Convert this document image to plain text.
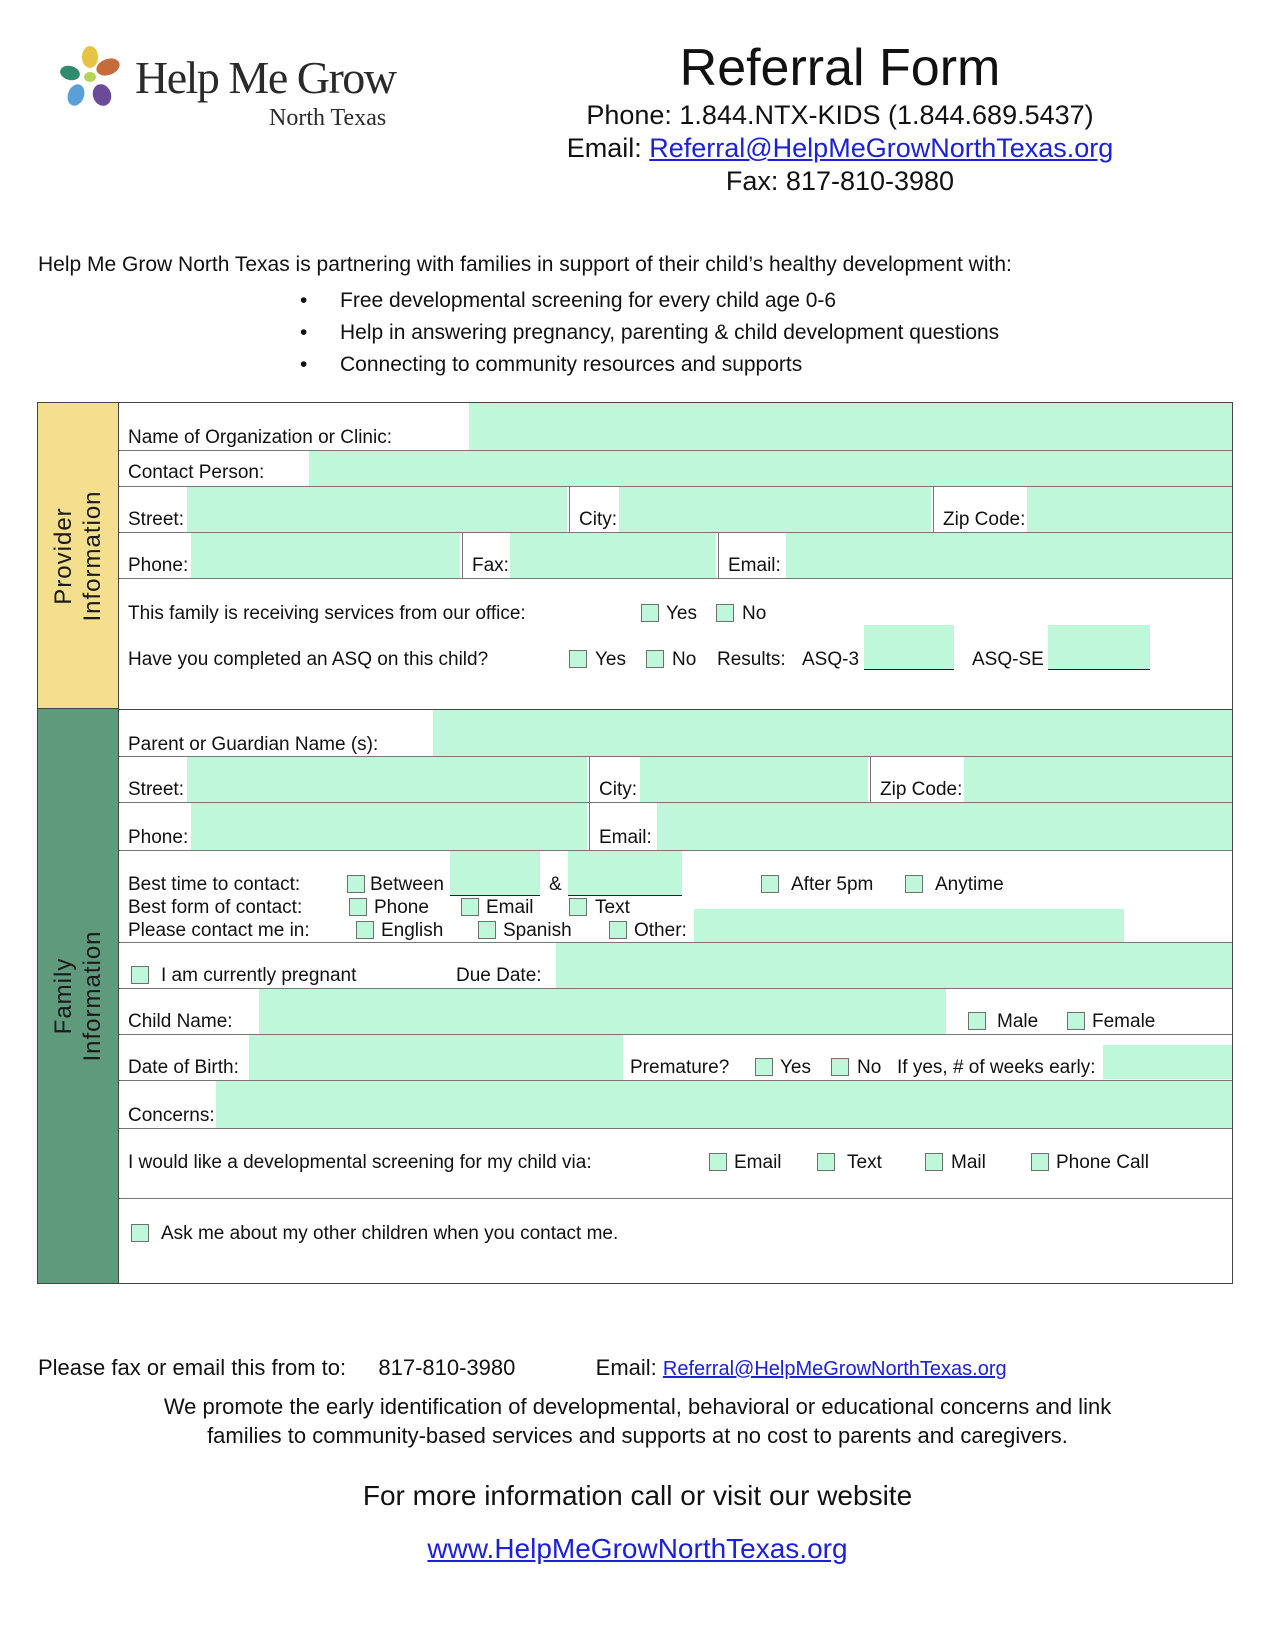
Help Me Grow
North Texas
Referral Form
Phone: 1.844.NTX-KIDS (1.844.689.5437)
Email: Referral@HelpMeGrowNorthTexas.org
Fax: 817-810-3980
Help Me Grow North Texas is partnering with families in support of their child’s healthy development with:
• Free developmental screening for every child age 0-6
• Help in answering pregnancy, parenting & child development questions
• Connecting to community resources and supports
Provider
Information
Family
Information
Name of Organization or Clinic:
Contact Person:
Street:	City:	Zip Code:
Phone:	Fax:	Email:
This family is receiving services from our office:	Yes No
Have you completed an ASQ on this child?	Yes No Results: ASQ-3	ASQ-SE
Parent or Guardian Name (s):
Street:	City:	Zip Code:
Phone:	Email:
Best time to contact:	Between	&	After 5pm	Anytime
Best form of contact:	Phone	Email	Text
Please contact me in:	English	Spanish	Other:
I am currently pregnant	Due Date:
Child Name:	Male	Female
Date of Birth:	Premature?	Yes No If yes, # of weeks early:
Concerns:
I would like a developmental screening for my child via:	Email	Text	Mail	Phone Call
Ask me about my other children when you contact me.
Please fax or email this from to: 817-810-3980	Email: Referral@HelpMeGrowNorthTexas.org
We promote the early identification of developmental, behavioral or educational concerns and link families to community-based services and supports at no cost to parents and caregivers.
For more information call or visit our website
www.HelpMeGrowNorthTexas.org
